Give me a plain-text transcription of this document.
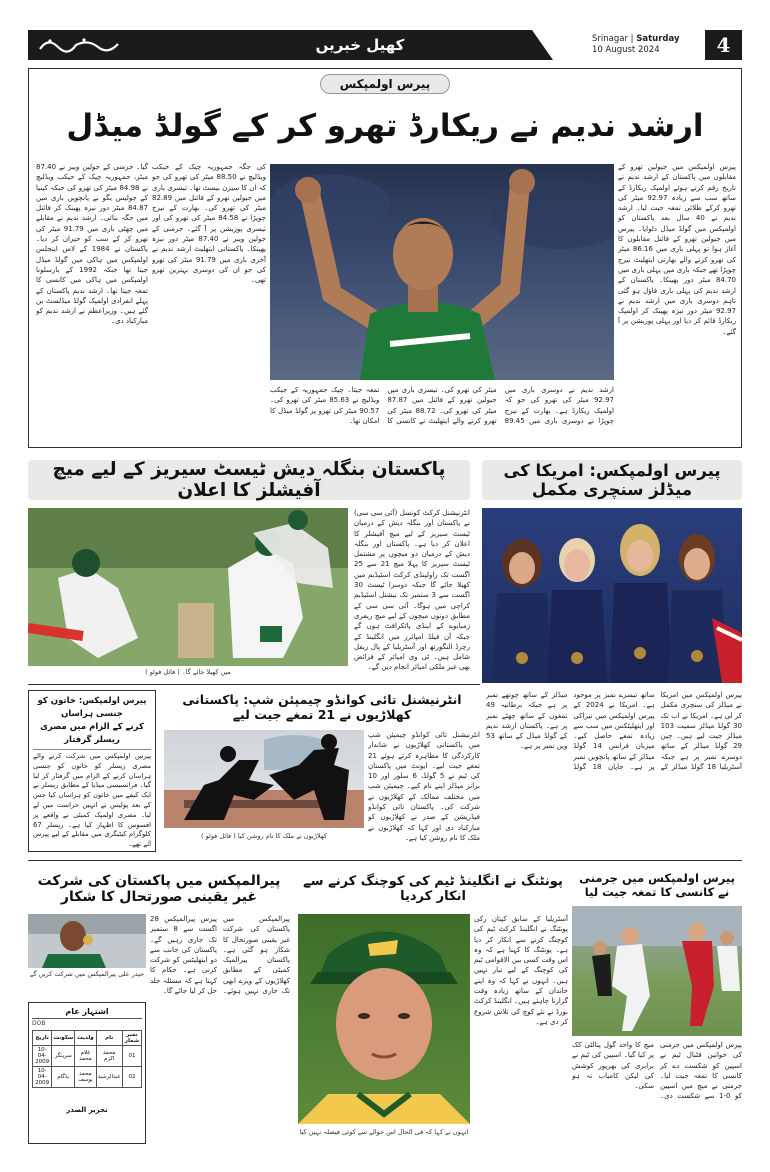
کھیل خبریں	Srinagar | Saturday
10 August 2024	4
پیرس اولمپکس
ارشد ندیم نے ریکارڈ تھرو کر کے گولڈ میڈل
پیرس اولمپکس میں جیولین تھرو کے مقابلوں میں پاکستان کے ارشد ندیم نے تاریخ رقم کرتے ہوئے اولمپک ریکارڈ کے ساتھ سب سے زیادہ 92.97 میٹر کی تھرو کرکے طلائی تمغہ جیت لیا۔ ارشد ندیم نے 40 سال بعد پاکستان کو اولمپکس میں گولڈ میڈل دلوایا۔ پیرس میں جیولین تھرو کے فائنل مقابلوں کا آغاز ہوا تو پہلی باری میں 86.16 میٹر کی تھرو کرنے والے بھارتی ایتھلیٹ نیرج چوپڑا تھے جبکہ باری میں پہلی باری میں 84.70 میٹر دور پھینکا۔ پاکستان کے ارشد ندیم کی پہلی باری فاؤل ہو گئی تاہم دوسری باری میں ارشد ندیم نے 92.97 میٹر دور نیزہ پھینک کر اولمپک ریکارڈ قائم کر دیا اور پہلی پوزیشن پر آ گئے۔
گیا۔ جرمنی کے جولین ویبر نے 87.40 میٹر، جمہوریہ چیک کے جیکب ویڈلیچ نے 84.98 میٹر کی تھرو کی جبکہ کینیا کے جولیس یگو نے پانچویں باری میں 84.87 میٹر دور نیزہ پھینک کر فائنل میں جگہ بنائی۔ ارشد ندیم نے مقابلے میں چھٹی باری میں 91.79 میٹر کی تھرو کر کے سب کو حیران کر دیا۔ پاکستان نے 1984 کے لاس اینجلس اولمپکس میں ہاکی میں گولڈ میڈل جیتا تھا جبکہ 1992 کے بارسلونا اولمپکس میں ہاکی میں کانسی کا تمغہ جیتا تھا۔ ارشد ندیم پاکستان کے پہلے انفرادی اولمپک گولڈ میڈلسٹ بن گئے ہیں۔ وزیراعظم نے ارشد ندیم کو مبارکباد دی۔
کی جگہ جمہوریہ چیک کے جیکب ویڈلیچ نے 88.50 میٹر کی تھرو کی جو کہ ان کا سیزن بیسٹ تھا۔ تیسری باری میں جیولین تھرو کے فائنل میں 82.89 میٹر کی تھرو کی۔ بھارت کے نیرج چوپڑا نے 84.58 میٹر کی تھرو کی اور تیسری پوزیشن پر آ گئے۔ جرمنی کے جولین ویبر نے 87.40 میٹر دور نیزہ پھینکا۔ پاکستانی ایتھلیٹ ارشد ندیم نے آخری باری میں 91.79 میٹر کی تھرو کی جو ان کی دوسری بہترین تھرو تھی۔
ارشد ندیم نے دوسری باری میں 92.97 میٹر کی تھرو کی جو کہ اولمپک ریکارڈ ہے۔ بھارت کے نیرج چوپڑا نے دوسری باری میں 89.45 میٹر کی تھرو کی۔ تیسری باری میں جیولین تھرو کے فائنل میں 87.87 میٹر کی تھرو کی۔ 88.72 میٹر کی تھرو کرنے والے ایتھلیٹ نے کانسی کا تمغہ جیتا۔ چیک جمہوریہ کے جیکب ویڈلیچ نے 85.63 میٹر کی تھرو کی۔ 90.57 میٹر کی تھرو پر گولڈ میڈل کا امکان تھا۔
پاکستان بنگلہ دیش ٹیسٹ سیریز کے لیے میچ آفیشلز کا اعلان
پیرس اولمپکس: امریکا کی میڈلز سنچری مکمل
میں کھیلا جائے گا۔ ( فائل فوٹو )
انٹرنیشنل کرکٹ کونسل (آئی سی سی) نے پاکستان اور بنگلہ دیش کے درمیان ٹیسٹ سیریز کے لیے میچ آفیشلز کا اعلان کر دیا ہے۔ پاکستان اور بنگلہ دیش کے درمیان دو میچوں پر مشتمل ٹیسٹ سیریز کا پہلا میچ 21 سے 25 اگست تک راولپنڈی کرکٹ اسٹیڈیم میں کھیلا جائے گا جبکہ دوسرا ٹیسٹ 30 اگست سے 3 ستمبر تک نیشنل اسٹیڈیم کراچی میں ہوگا۔ آئی سی سی کے مطابق دونوں میچوں کے لیے میچ ریفری زمبابوے کے اینڈی پائکرافٹ ہوں گے جبکہ آن فیلڈ امپائرز میں انگلینڈ کے رچرڈ النگورتھ اور آسٹریلیا کے پال ریفل شامل ہیں۔ ٹی وی امپائر کے فرائض بھی غیر ملکی امپائر انجام دیں گے۔
پیرس اولمپکس: خاتون کو جنسی ہراساں
کرنے کے الزام میں مصری ریسلر گرفتار
پیرس اولمپکس میں شرکت کرنے والے مصری ریسلر کو خاتون کو جنسی ہراساں کرنے کے الزام میں گرفتار کر لیا گیا۔ فرانسیسی میڈیا کے مطابق ریسلر نے ایک کیفے میں خاتون کو ہراساں کیا جس کے بعد پولیس نے انہیں حراست میں لے لیا۔ مصری اولمپک کمیٹی نے واقعے پر افسوس کا اظہار کیا ہے۔ ریسلر 67 کلوگرام کیٹیگری میں مقابلے کے لیے پیرس آئے تھے۔
انٹرنیشنل تائی کوانڈو چیمپئن شپ: پاکستانی کھلاڑیوں نے 21 تمغے جیت لیے
انٹرنیشنل تائی کوانڈو چیمپئن شپ میں پاکستانی کھلاڑیوں نے شاندار کارکردگی کا مظاہرہ کرتے ہوئے 21 تمغے جیت لیے۔ ایونٹ میں پاکستان کی ٹیم نے 5 گولڈ، 6 سلور اور 10 برانز میڈلز اپنے نام کیے۔ چیمپئن شپ میں مختلف ممالک کے کھلاڑیوں نے شرکت کی۔ پاکستان تائی کوانڈو فیڈریشن کے صدر نے کھلاڑیوں کو مبارکباد دی اور کہا کہ کھلاڑیوں نے ملک کا نام روشن کیا ہے۔
کھلاڑیوں نے ملک کا نام روشن کیا ( فائل فوٹو )
پیرس اولمپکس میں امریکا نے میڈلز کی سنچری مکمل کر لی ہے۔ امریکا نے اب تک 30 گولڈ میڈلز سمیت 103 میڈلز جیت لیے ہیں۔ چین 29 گولڈ میڈلز کے ساتھ دوسرے نمبر پر ہے جبکہ آسٹریلیا 18 گولڈ میڈلز کے ساتھ تیسرے نمبر پر موجود ہے۔ امریکا نے 2024 کے پیرس اولمپکس میں تیراکی اور ایتھلیٹکس میں سب سے زیادہ تمغے حاصل کیے۔ میزبان فرانس 14 گولڈ میڈلز کے ساتھ پانچویں نمبر پر ہے۔ جاپان 18 گولڈ میڈلز کے ساتھ چوتھے نمبر پر ہے جبکہ برطانیہ 49 تمغوں کے ساتھ چھٹے نمبر پر ہے۔ پاکستان ارشد ندیم کے گولڈ میڈل کے ساتھ 53 ویں نمبر پر ہے۔
پیرالمپکس میں پاکستان کی شرکت غیر یقینی صورتحال کا شکار
پونٹنگ نے انگلینڈ ٹیم کی کوچنگ کرنے سے انکار کردیا
پیرس اولمپکس میں جرمنی نے کانسی کا تمغہ جیت لیا
حیدر علی پیرالمپکس میں شرکت کریں گے
پیرالمپکس میں پاکستان کی شرکت غیر یقینی صورتحال کا شکار ہو گئی ہے۔ پاکستان پیرالمپک کمیٹی کے مطابق کھلاڑیوں کے ویزے ابھی تک جاری نہیں ہوئے۔ پیرس پیرالمپکس 28 اگست سے 8 ستمبر تک جاری رہیں گے۔ پاکستان کی جانب سے دو ایتھلیٹس کو شرکت کرنی ہے۔ حکام کا کہنا ہے کہ مسئلہ جلد حل کر لیا جائے گا۔
اشتہار عام
DOB
نمبر شمار	نام	ولدیت	سکونت	تاریخ
01	محمد اکرم	غلام محمد	سرینگر	10-04-2009
02	عبدالرشید	محمد یوسف	بڈگام	10-04-2009
تحریر الصدر
انہوں نے کہا کہ فی الحال اس حوالے سے کوئی فیصلہ نہیں کیا
آسٹریلیا کے سابق کپتان رکی پونٹنگ نے انگلینڈ کرکٹ ٹیم کی کوچنگ کرنے سے انکار کر دیا ہے۔ پونٹنگ کا کہنا ہے کہ وہ اس وقت کسی بین الاقوامی ٹیم کی کوچنگ کے لیے تیار نہیں ہیں۔ انہوں نے کہا کہ وہ اپنے خاندان کے ساتھ زیادہ وقت گزارنا چاہتے ہیں۔ انگلینڈ کرکٹ بورڈ نے نئے کوچ کی تلاش شروع کر دی ہے۔
پیرس اولمپکس میں جرمنی کی خواتین فٹبال ٹیم نے اسپین کو شکست دے کر کانسی کا تمغہ جیت لیا۔ جرمنی نے میچ میں اسپین کو 0-1 سے شکست دی۔ میچ کا واحد گول پنالٹی کک پر کیا گیا۔ اسپین کی ٹیم نے برابری کی بھرپور کوشش کی لیکن کامیاب نہ ہو سکی۔
